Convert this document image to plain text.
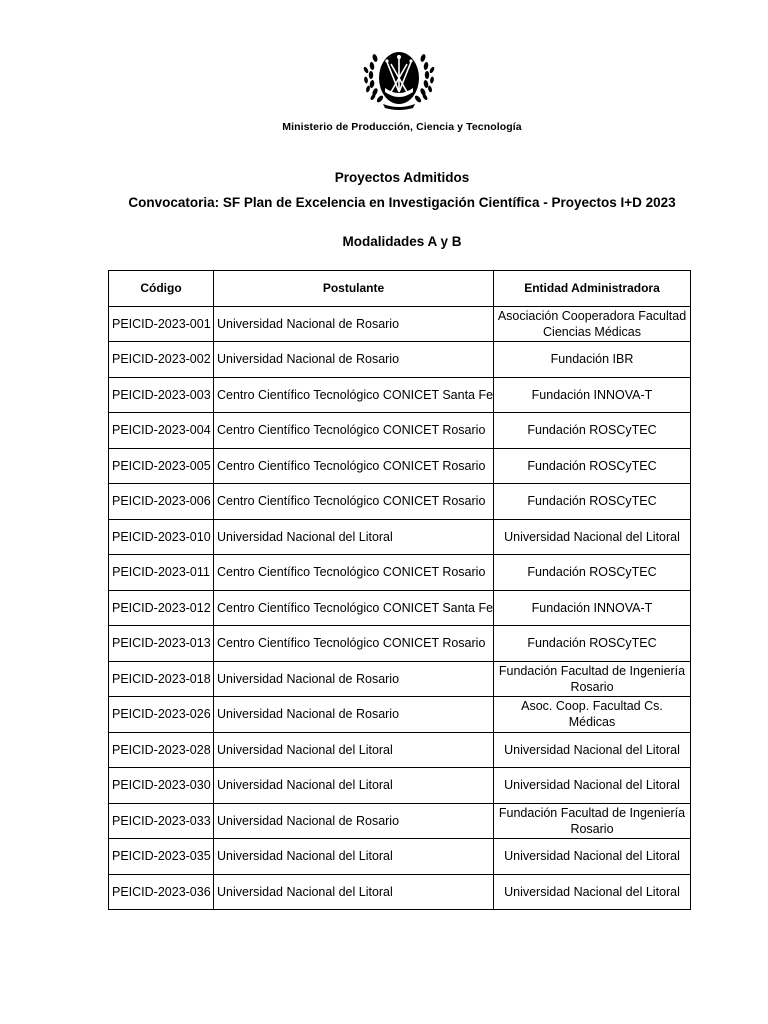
Ministerio de Producción, Ciencia y Tecnología
Proyectos Admitidos
Convocatoria: SF Plan de Excelencia en Investigación Científica - Proyectos I+D 2023
Modalidades A y B
Código	Postulante	Entidad Administradora
PEICID-2023-001	Universidad Nacional de Rosario	Asociación Cooperadora Facultad Ciencias Médicas
PEICID-2023-002	Universidad Nacional de Rosario	Fundación IBR
PEICID-2023-003	Centro Científico Tecnológico CONICET Santa Fe	Fundación INNOVA-T
PEICID-2023-004	Centro Científico Tecnológico CONICET Rosario	Fundación ROSCyTEC
PEICID-2023-005	Centro Científico Tecnológico CONICET Rosario	Fundación ROSCyTEC
PEICID-2023-006	Centro Científico Tecnológico CONICET Rosario	Fundación ROSCyTEC
PEICID-2023-010	Universidad Nacional del Litoral	Universidad Nacional del Litoral
PEICID-2023-011	Centro Científico Tecnológico CONICET Rosario	Fundación ROSCyTEC
PEICID-2023-012	Centro Científico Tecnológico CONICET Santa Fe	Fundación INNOVA-T
PEICID-2023-013	Centro Científico Tecnológico CONICET Rosario	Fundación ROSCyTEC
PEICID-2023-018	Universidad Nacional de Rosario	Fundación Facultad de Ingeniería Rosario
PEICID-2023-026	Universidad Nacional de Rosario	Asoc. Coop. Facultad Cs. Médicas
PEICID-2023-028	Universidad Nacional del Litoral	Universidad Nacional del Litoral
PEICID-2023-030	Universidad Nacional del Litoral	Universidad Nacional del Litoral
PEICID-2023-033	Universidad Nacional de Rosario	Fundación Facultad de Ingeniería Rosario
PEICID-2023-035	Universidad Nacional del Litoral	Universidad Nacional del Litoral
PEICID-2023-036	Universidad Nacional del Litoral	Universidad Nacional del Litoral
